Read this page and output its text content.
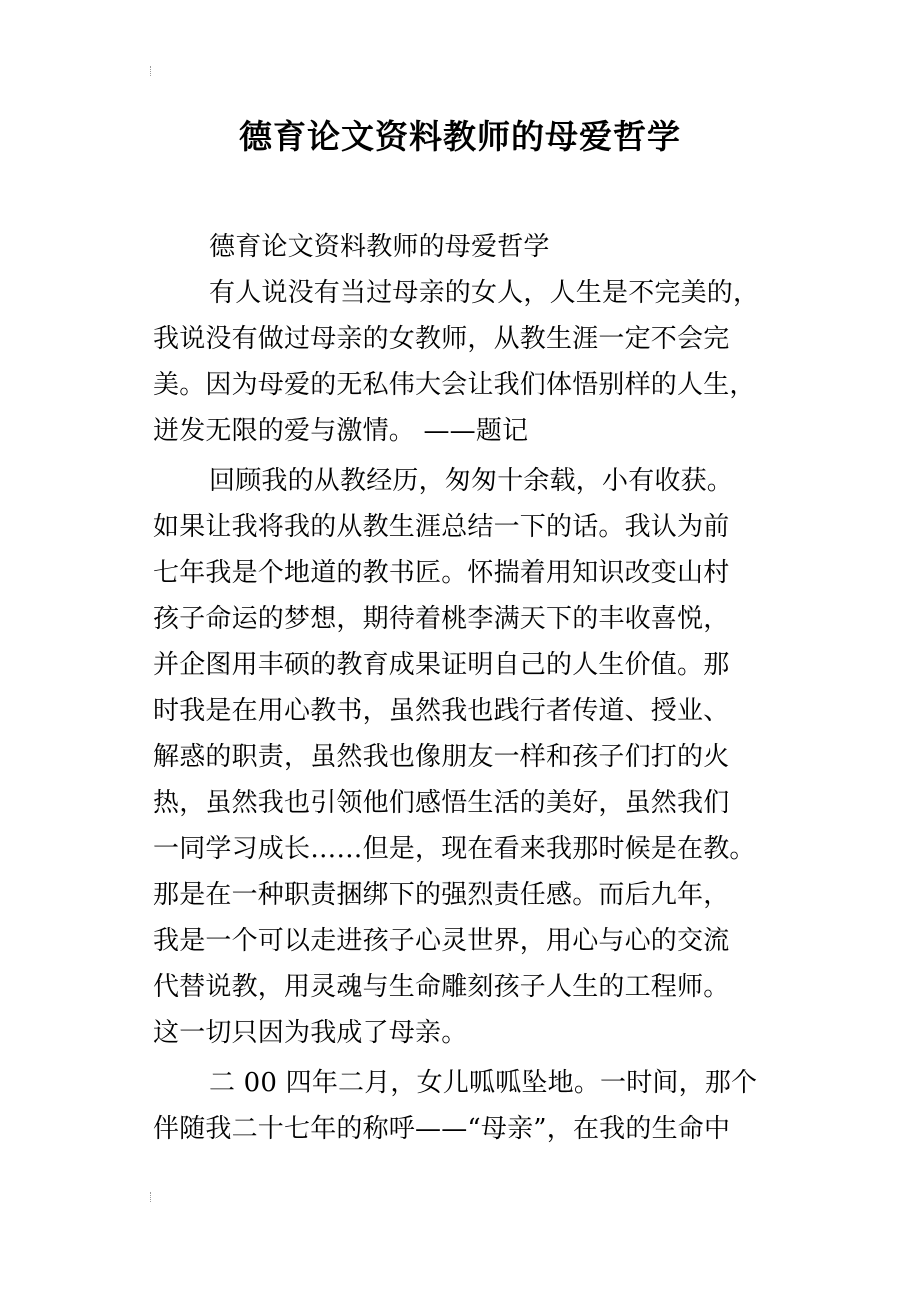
德育论文资料教师的母爱哲学
德育论文资料教师的母爱哲学
有人说没有当过母亲的女人，人生是不完美的，
我说没有做过母亲的女教师，从教生涯一定不会完
美。因为母爱的无私伟大会让我们体悟别样的人生，
迸发无限的爱与激情。 ——题记
回顾我的从教经历，匆匆十余载，小有收获。
如果让我将我的从教生涯总结一下的话。我认为前
七年我是个地道的教书匠。怀揣着用知识改变山村
孩子命运的梦想，期待着桃李满天下的丰收喜悦，
并企图用丰硕的教育成果证明自己的人生价值。那
时我是在用心教书，虽然我也践行者传道、授业、
解惑的职责，虽然我也像朋友一样和孩子们打的火
热，虽然我也引领他们感悟生活的美好，虽然我们
一同学习成长……但是，现在看来我那时候是在教。
那是在一种职责捆绑下的强烈责任感。而后九年，
我是一个可以走进孩子心灵世界，用心与心的交流
代替说教，用灵魂与生命雕刻孩子人生的工程师。
这一切只因为我成了母亲。
二 00 四年二月，女儿呱呱坠地。一时间，那个
伴随我二十七年的称呼——“母亲”，在我的生命中
